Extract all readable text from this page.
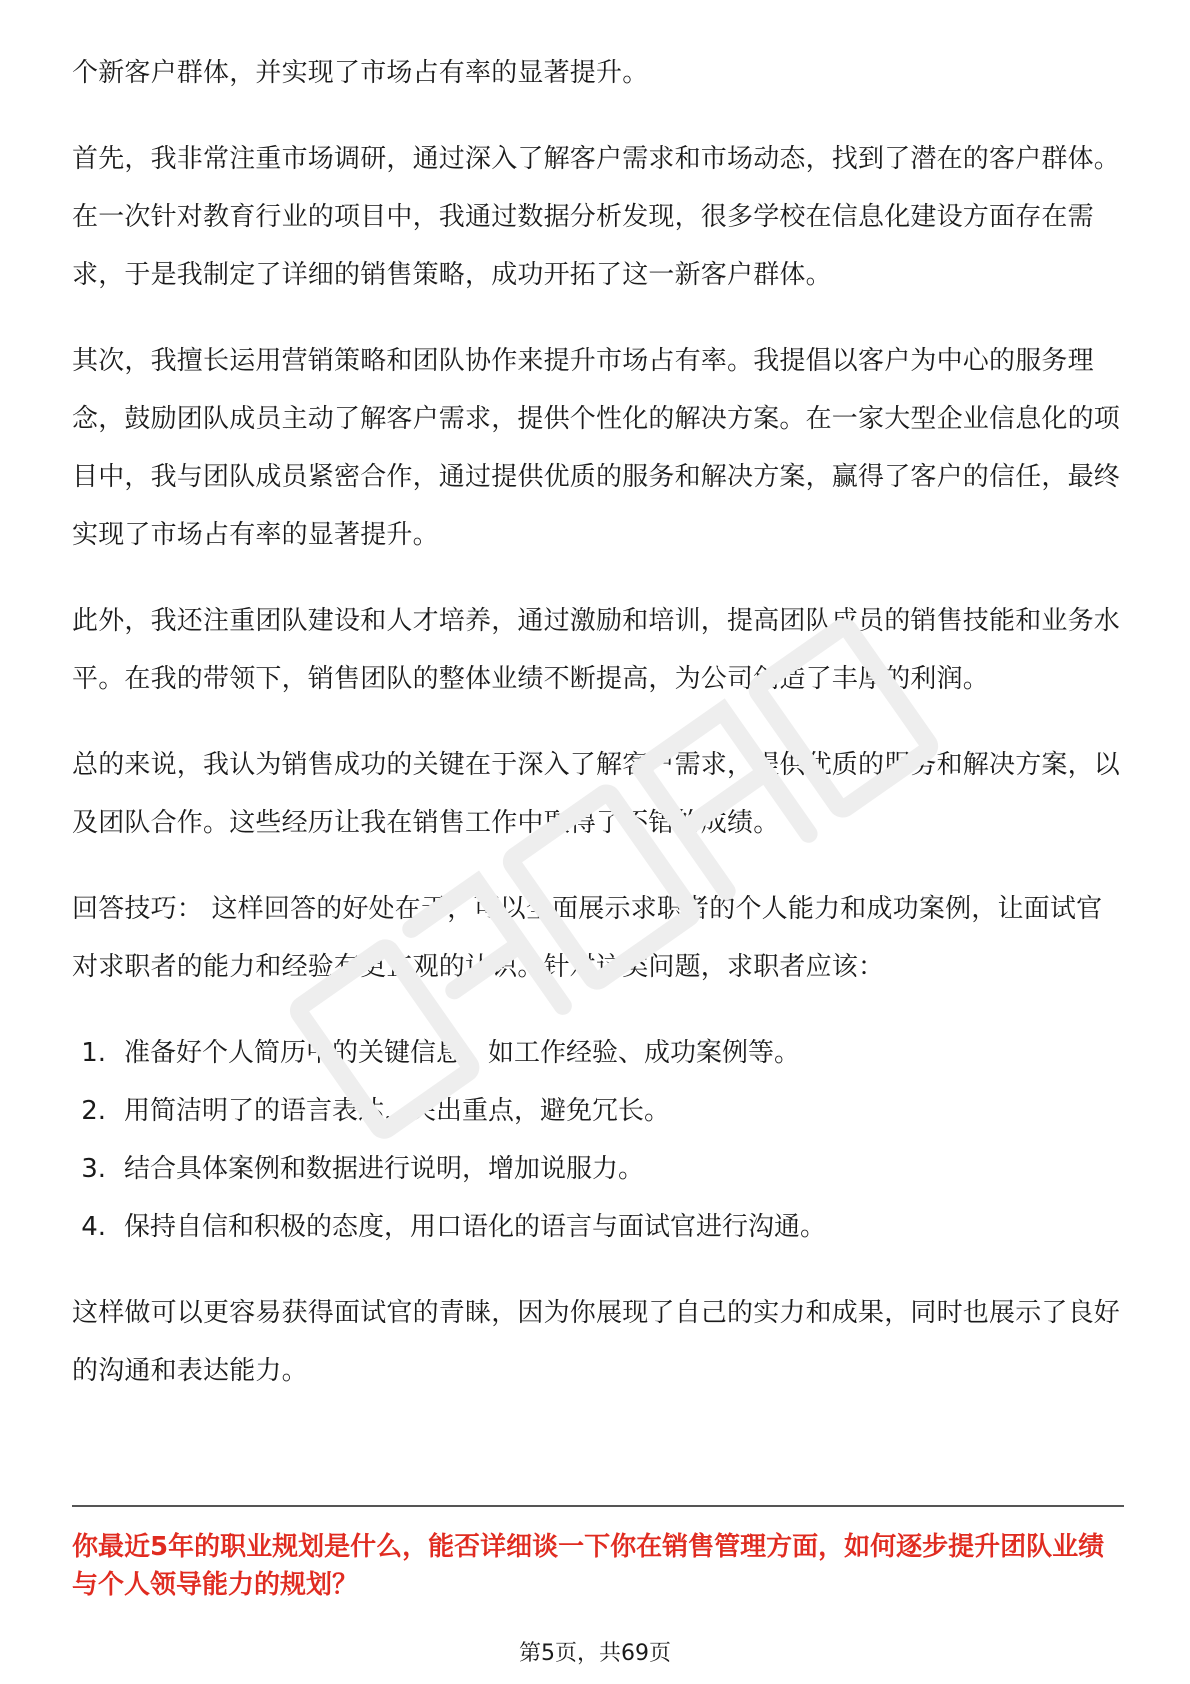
个新客户群体，并实现了市场占有率的显著提升。

首先，我非常注重市场调研，通过深入了解客户需求和市场动态，找到了潜在的客户群体。在一次针对教育行业的项目中，我通过数据分析发现，很多学校在信息化建设方面存在需求，于是我制定了详细的销售策略，成功开拓了这一新客户群体。

其次，我擅长运用营销策略和团队协作来提升市场占有率。我提倡以客户为中心的服务理念，鼓励团队成员主动了解客户需求，提供个性化的解决方案。在一家大型企业信息化的项目中，我与团队成员紧密合作，通过提供优质的服务和解决方案，赢得了客户的信任，最终实现了市场占有率的显著提升。

此外，我还注重团队建设和人才培养，通过激励和培训，提高团队成员的销售技能和业务水平。在我的带领下，销售团队的整体业绩不断提高，为公司创造了丰厚的利润。

总的来说，我认为销售成功的关键在于深入了解客户需求，提供优质的服务和解决方案，以及团队合作。这些经历让我在销售工作中取得了不错的成绩。

回答技巧： 这样回答的好处在于，可以全面展示求职者的个人能力和成功案例，让面试官对求职者的能力和经验有更直观的认识。针对这类问题，求职者应该：

1. 准备好个人简历中的关键信息，如工作经验、成功案例等。
2. 用简洁明了的语言表达，突出重点，避免冗长。
3. 结合具体案例和数据进行说明，增加说服力。
4. 保持自信和积极的态度，用口语化的语言与面试官进行沟通。

这样做可以更容易获得面试官的青睐，因为你展现了自己的实力和成果，同时也展示了良好的沟通和表达能力。

你最近5年的职业规划是什么，能否详细谈一下你在销售管理方面，如何逐步提升团队业绩与个人领导能力的规划？
第5页，共69页
